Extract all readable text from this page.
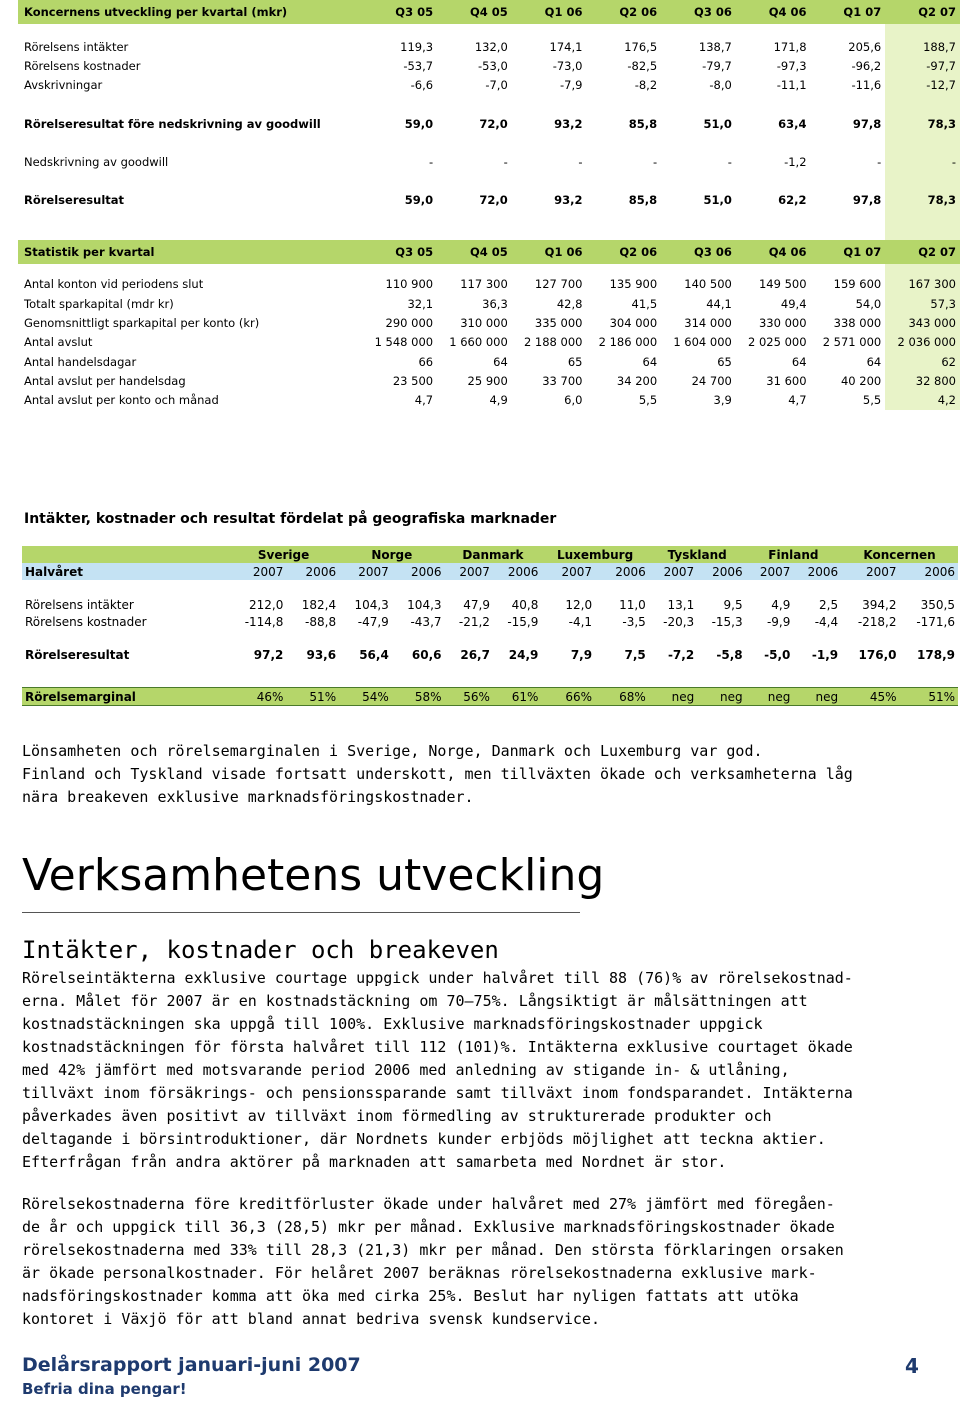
Koncernens utveckling per kvartal (mkr)	Q3 05	Q4 05	Q1 06	Q2 06	Q3 06	Q4 06	Q1 07	Q2 07

Rörelsens intäkter	119,3	132,0	174,1	176,5	138,7	171,8	205,6	188,7
Rörelsens kostnader	-53,7	-53,0	-73,0	-82,5	-79,7	-97,3	-96,2	-97,7
Avskrivningar	-6,6	-7,0	-7,9	-8,2	-8,0	-11,1	-11,6	-12,7

Rörelseresultat före nedskrivning av goodwill	59,0	72,0	93,2	85,8	51,0	63,4	97,8	78,3

Nedskrivning av goodwill	-	-	-	-	-	-1,2	-	-

Rörelseresultat	59,0	72,0	93,2	85,8	51,0	62,2	97,8	78,3

Statistik per kvartal	Q3 05	Q4 05	Q1 06	Q2 06	Q3 06	Q4 06	Q1 07	Q2 07

Antal konton vid periodens slut	110 900	117 300	127 700	135 900	140 500	149 500	159 600	167 300
Totalt sparkapital (mdr kr)	32,1	36,3	42,8	41,5	44,1	49,4	54,0	57,3
Genomsnittligt sparkapital per konto (kr)	290 000	310 000	335 000	304 000	314 000	330 000	338 000	343 000
Antal avslut	1 548 000	1 660 000	2 188 000	2 186 000	1 604 000	2 025 000	2 571 000	2 036 000
Antal handelsdagar	66	64	65	64	65	64	64	62
Antal avslut per handelsdag	23 500	25 900	33 700	34 200	24 700	31 600	40 200	32 800
Antal avslut per konto och månad	4,7	4,9	6,0	5,5	3,9	4,7	5,5	4,2
Intäkter, kostnader och resultat fördelat på geografiska marknader
	Sverige		Norge		Danmark		Luxemburg		Tyskland		Finland		Koncernen	
Halvåret	2007	2006	2007	2006	2007	2006	2007	2006	2007	2006	2007	2006	2007	2006

Rörelsens intäkter	212,0	182,4	104,3	104,3	47,9	40,8	12,0	11,0	13,1	9,5	4,9	2,5	394,2	350,5
Rörelsens kostnader	-114,8	-88,8	-47,9	-43,7	-21,2	-15,9	-4,1	-3,5	-20,3	-15,3	-9,9	-4,4	-218,2	-171,6

Rörelseresultat	97,2	93,6	56,4	60,6	26,7	24,9	7,9	7,5	-7,2	-5,8	-5,0	-1,9	176,0	178,9

Rörelsemarginal	46%	51%	54%	58%	56%	61%	66%	68%	neg	neg	neg	neg	45%	51%
Lönsamheten och rörelsemarginalen i Sverige, Norge, Danmark och Luxemburg var god.
Finland och Tyskland visade fortsatt underskott, men tillväxten ökade och verksamheterna låg
nära breakeven exklusive marknadsföringskostnader.
Verksamhetens utveckling
Intäkter, kostnader och breakeven
Rörelseintäkterna exklusive courtage uppgick under halvåret till 88 (76)% av rörelsekostnad-
erna. Målet för 2007 är en kostnadstäckning om 70—75%. Långsiktigt är målsättningen att
kostnadstäckningen ska uppgå till 100%. Exklusive marknadsföringskostnader uppgick
kostnadstäckningen för första halvåret till 112 (101)%. Intäkterna exklusive courtaget ökade
med 42% jämfört med motsvarande period 2006 med anledning av stigande in- & utlåning,
tillväxt inom försäkrings- och pensionssparande samt tillväxt inom fondsparandet. Intäkterna
påverkades även positivt av tillväxt inom förmedling av strukturerade produkter och
deltagande i börsintroduktioner, där Nordnets kunder erbjöds möjlighet att teckna aktier.
Efterfrågan från andra aktörer på marknaden att samarbeta med Nordnet är stor.
Rörelsekostnaderna före kreditförluster ökade under halvåret med 27% jämfört med föregåen-
de år och uppgick till 36,3 (28,5) mkr per månad. Exklusive marknadsföringskostnader ökade
rörelsekostnaderna med 33% till 28,3 (21,3) mkr per månad. Den största förklaringen orsaken
är ökade personalkostnader. För helåret 2007 beräknas rörelsekostnaderna exklusive mark-
nadsföringskostnader komma att öka med cirka 25%. Beslut har nyligen fattats att utöka
kontoret i Växjö för att bland annat bedriva svensk kundservice.
Delårsrapport januari-juni 2007
Befria dina pengar!
4
